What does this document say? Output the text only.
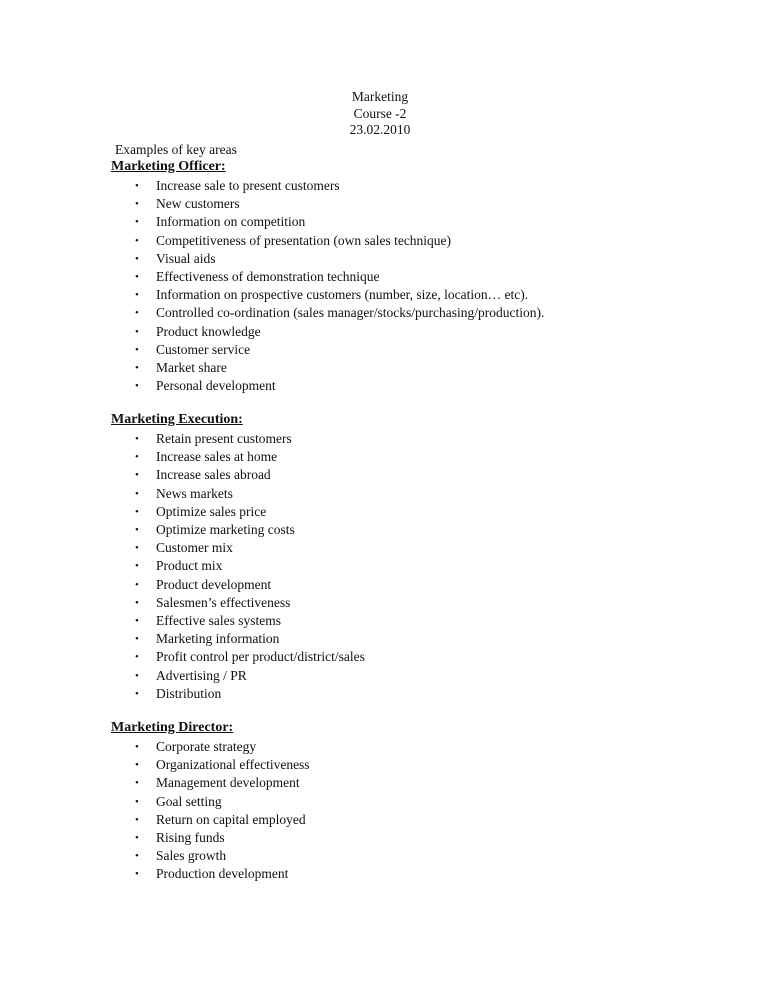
Marketing
Course -2
23.02.2010
Examples of key areas
Marketing Officer:
• Increase sale to present customers
• New customers
• Information on competition
• Competitiveness of presentation (own sales technique)
• Visual aids
• Effectiveness of demonstration technique
• Information on prospective customers (number, size, location… etc).
• Controlled co-ordination (sales manager/stocks/purchasing/production).
• Product knowledge
• Customer service
• Market share
• Personal development
Marketing Execution:
• Retain present customers
• Increase sales at home
• Increase sales abroad
• News markets
• Optimize sales price
• Optimize marketing costs
• Customer mix
• Product mix
• Product development
• Salesmen’s effectiveness
• Effective sales systems
• Marketing information
• Profit control per product/district/sales
• Advertising / PR
• Distribution
Marketing Director:
• Corporate strategy
• Organizational effectiveness
• Management development
• Goal setting
• Return on capital employed
• Rising funds
• Sales growth
• Production development
